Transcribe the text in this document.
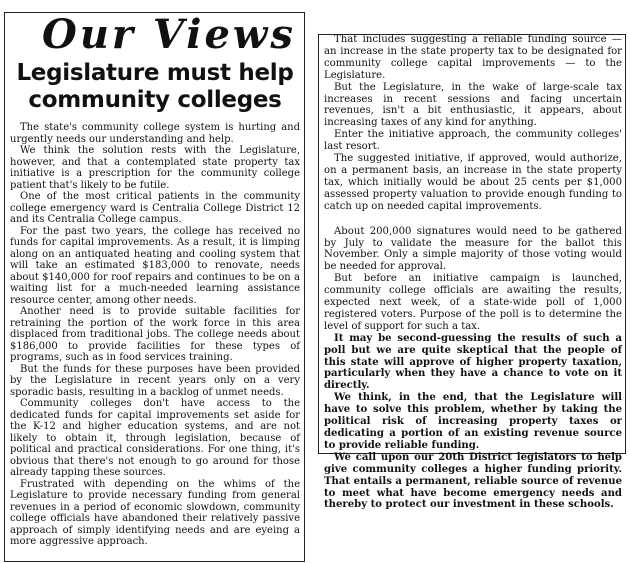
Our Views
Legislature must help community colleges

The state's community college system is hurting and urgently needs our understanding and help.

We think the solution rests with the Legislature, however, and that a contemplated state property tax initiative is a prescription for the community college patient that's likely to be futile.

One of the most critical patients in the community college emergency ward is Centralia College District 12 and its Centralia College campus.

For the past two years, the college has received no funds for capital improvements. As a result, it is limping along on an antiquated heating and cooling system that will take an estimated $183,000 to renovate, needs about $140,000 for roof repairs and continues to be on a waiting list for a much-needed learning assistance resource center, among other needs.

Another need is to provide suitable facilities for retraining the portion of the work force in this area displaced from traditional jobs. The college needs about $186,000 to provide facilities for these types of programs, such as in food services training.

But the funds for these purposes have been provided by the Legislature in recent years only on a very sporadic basis, resulting in a backlog of unmet needs.

Community colleges don't have access to the dedicated funds for capital improvements set aside for the K-12 and higher education systems, and are not likely to obtain it, through legislation, because of political and practical considerations. For one thing, it's obvious that there's not enough to go around for those already tapping these sources.

Frustrated with depending on the whims of the Legislature to provide necessary funding from general revenues in a period of economic slowdown, community college officials have abandoned their relatively passive approach of simply identifying needs and are eyeing a more aggressive approach.

That includes suggesting a reliable funding source — an increase in the state property tax to be designated for community college capital improvements — to the Legislature.

But the Legislature, in the wake of large-scale tax increases in recent sessions and facing uncertain revenues, isn't a bit enthusiastic, it appears, about increasing taxes of any kind for anything.

Enter the initiative approach, the community colleges' last resort.

The suggested initiative, if approved, would authorize, on a permanent basis, an increase in the state property tax, which initially would be about 25 cents per $1,000 assessed property valuation to provide enough funding to catch up on needed capital improvements.

About 200,000 signatures would need to be gathered by July to validate the measure for the ballot this November. Only a simple majority of those voting would be needed for approval.

But before an initiative campaign is launched, community college officials are awaiting the results, expected next week, of a state-wide poll of 1,000 registered voters. Purpose of the poll is to determine the level of support for such a tax.

It may be second-guessing the results of such a poll but we are quite skeptical that the people of this state will approve of higher property taxation, particularly when they have a chance to vote on it directly.

We think, in the end, that the Legislature will have to solve this problem, whether by taking the political risk of increasing property taxes or dedicating a portion of an existing revenue source to provide reliable funding.

We call upon our 20th District legislators to help give community colleges a higher funding priority. That entails a permanent, reliable source of revenue to meet what have become emergency needs and thereby to protect our investment in these schools.
